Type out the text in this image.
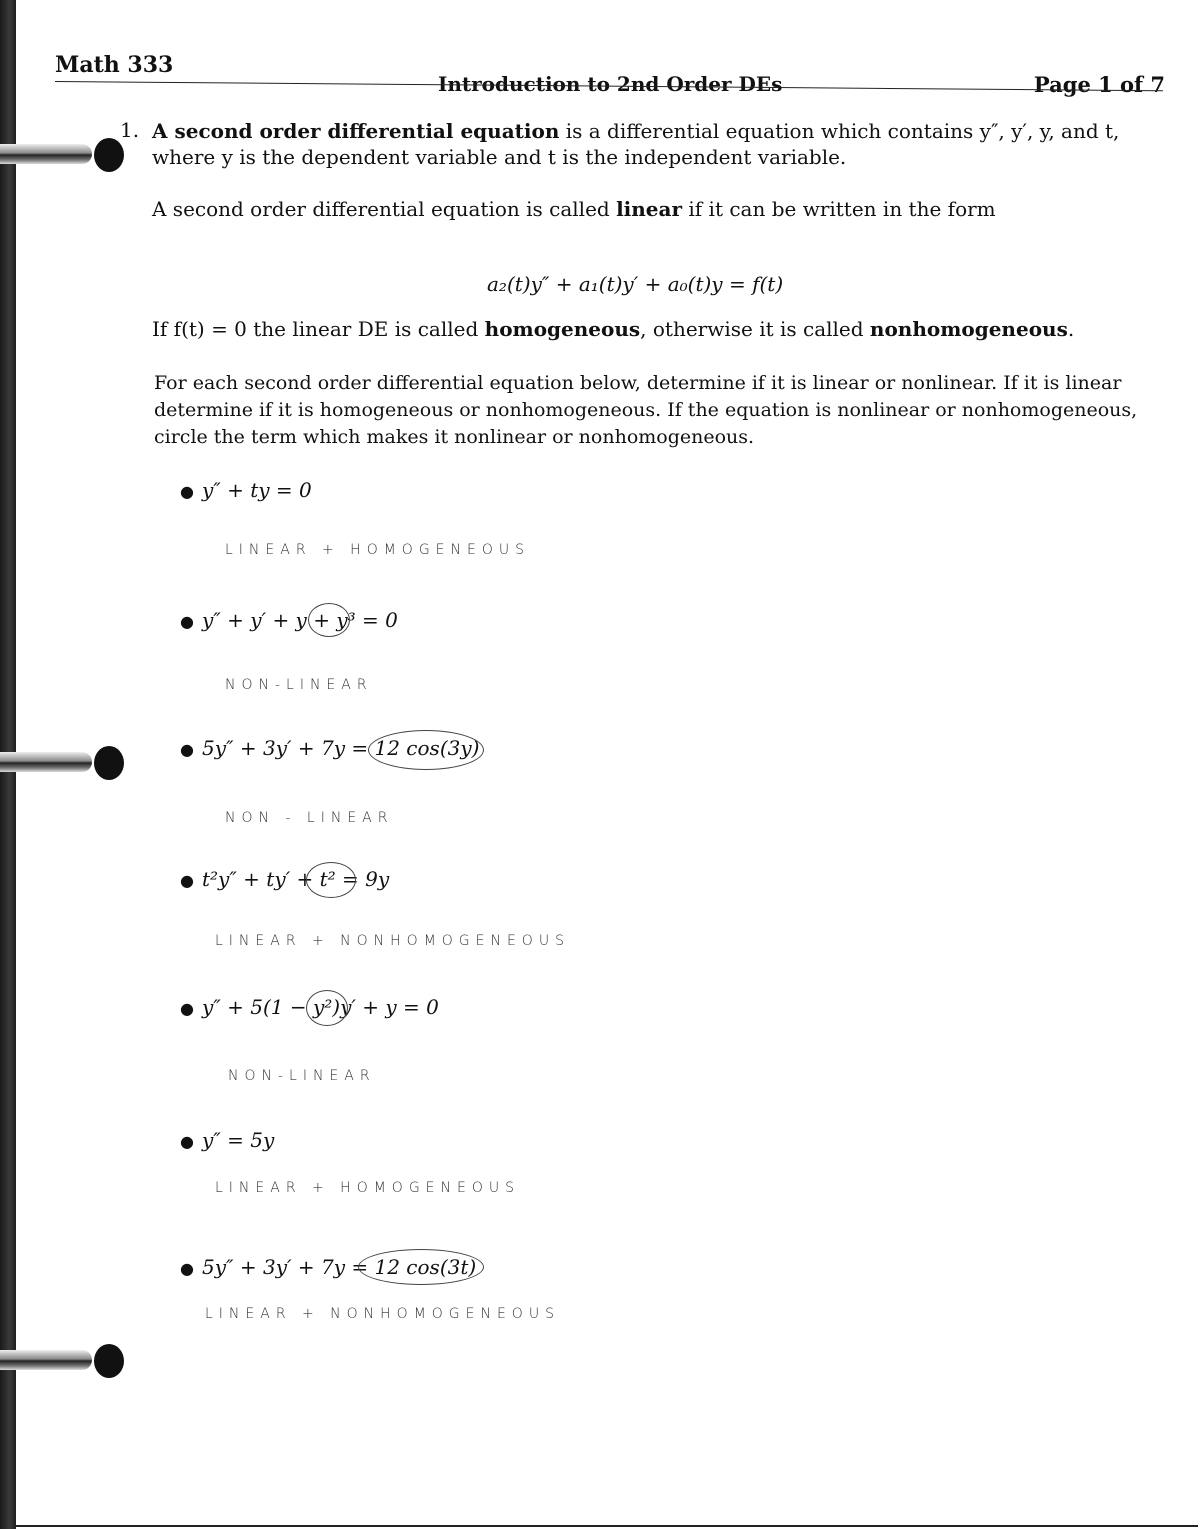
Math 333
Introduction to 2nd Order DEs	Page 1 of 7
1. A second order differential equation is a differential equation which contains y″, y′, y, and t, where y is the dependent variable and t is the independent variable.
A second order differential equation is called linear if it can be written in the form
a₂(t)y″ + a₁(t)y′ + a₀(t)y = f(t)
If f(t) = 0 the linear DE is called homogeneous, otherwise it is called nonhomogeneous.
For each second order differential equation below, determine if it is linear or nonlinear. If it is linear determine if it is homogeneous or nonhomogeneous. If the equation is nonlinear or nonhomogeneous, circle the term which makes it nonlinear or nonhomogeneous.
● y″ + ty = 0
LINEAR + HOMOGENEOUS
● y″ + y′ + y + y³ = 0
NON-LINEAR
● 5y″ + 3y′ + 7y = 12 cos(3y)
NON - LINEAR
● t²y″ + ty′ + t² = 9y
LINEAR + NONHOMOGENEOUS
● y″ + 5(1 − y²)y′ + y = 0
NON-LINEAR
● y″ = 5y
LINEAR + HOMOGENEOUS
● 5y″ + 3y′ + 7y = 12 cos(3t)
LINEAR + NONHOMOGENEOUS
